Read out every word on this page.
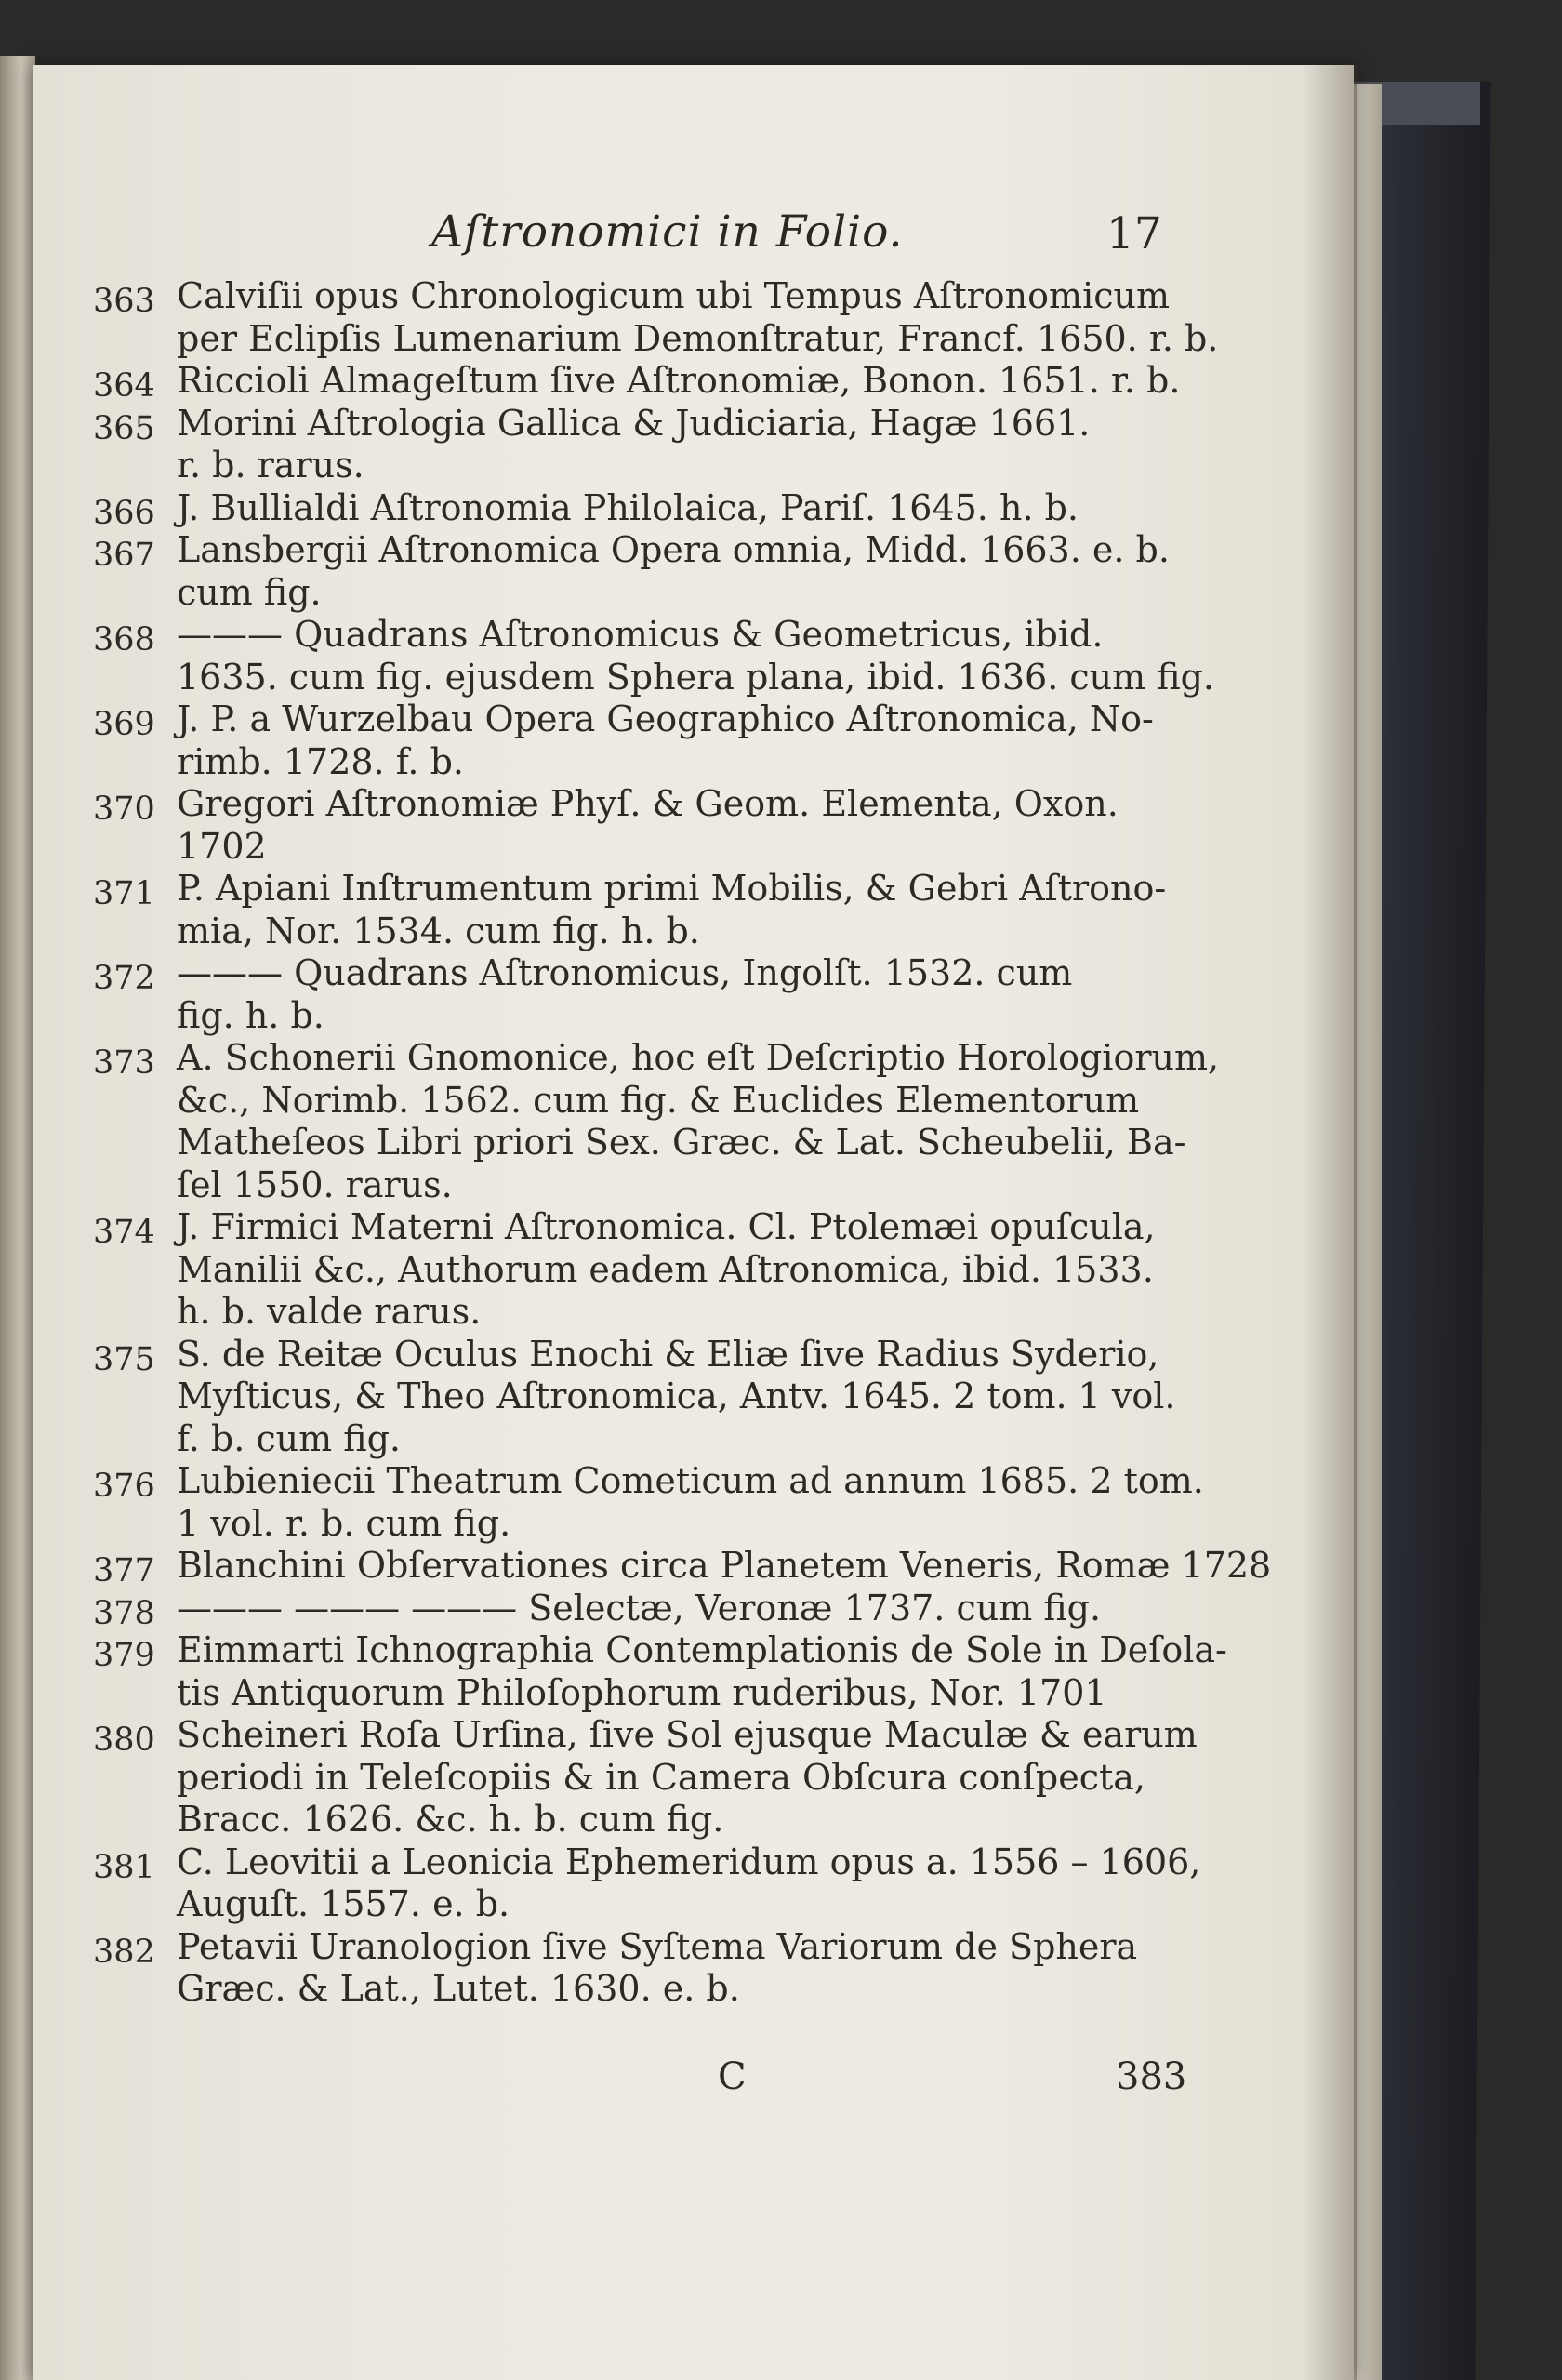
Aſtronomici in Folio.	17
363 Calviſii opus Chronologicum ubi Tempus Aſtronomicum
per Eclipſis Lumenarium Demonſtratur, Francf. 1650. r. b.
364 Riccioli Almageſtum ſive Aſtronomiæ, Bonon. 1651. r. b.
365 Morini Aſtrologia Gallica & Judiciaria, Hagæ 1661.
r. b. rarus.
366 J. Bullialdi Aſtronomia Philolaica, Pariſ. 1645. h. b.
367 Lansbergii Aſtronomica Opera omnia, Midd. 1663. e. b.
cum fig.
368 ——— Quadrans Aſtronomicus & Geometricus, ibid.
1635. cum fig. ejusdem Sphera plana, ibid. 1636. cum fig.
369 J. P. a Wurzelbau Opera Geographico Aſtronomica, No-
rimb. 1728. f. b.
370 Gregori Aſtronomiæ Phyſ. & Geom. Elementa, Oxon.
1702
371 P. Apiani Inſtrumentum primi Mobilis, & Gebri Aſtrono-
mia, Nor. 1534. cum fig. h. b.
372 ——— Quadrans Aſtronomicus, Ingolſt. 1532. cum
fig. h. b.
373 A. Schonerii Gnomonice, hoc eſt Deſcriptio Horologiorum,
&c., Norimb. 1562. cum fig. & Euclides Elementorum
Matheſeos Libri priori Sex. Græc. & Lat. Scheubelii, Ba-
ſel 1550. rarus.
374 J. Firmici Materni Aſtronomica. Cl. Ptolemæi opuſcula,
Manilii &c., Authorum eadem Aſtronomica, ibid. 1533.
h. b. valde rarus.
375 S. de Reitæ Oculus Enochi & Eliæ ſive Radius Syderio,
Myſticus, & Theo Aſtronomica, Antv. 1645. 2 tom. 1 vol.
f. b. cum fig.
376 Lubieniecii Theatrum Cometicum ad annum 1685. 2 tom.
1 vol. r. b. cum fig.
377 Blanchini Obſervationes circa Planetem Veneris, Romæ 1728
378 ——— ——— ——— Selectæ, Veronæ 1737. cum fig.
379 Eimmarti Ichnographia Contemplationis de Sole in Deſola-
tis Antiquorum Philoſophorum ruderibus, Nor. 1701
380 Scheineri Roſa Urſina, ſive Sol ejusque Maculæ & earum
periodi in Teleſcopiis & in Camera Obſcura conſpecta,
Bracc. 1626. &c. h. b. cum fig.
381 C. Leovitii a Leonicia Ephemeridum opus a. 1556 – 1606,
Auguſt. 1557. e. b.
382 Petavii Uranologion ſive Syſtema Variorum de Sphera
Græc. & Lat., Lutet. 1630. e. b.
C	383
